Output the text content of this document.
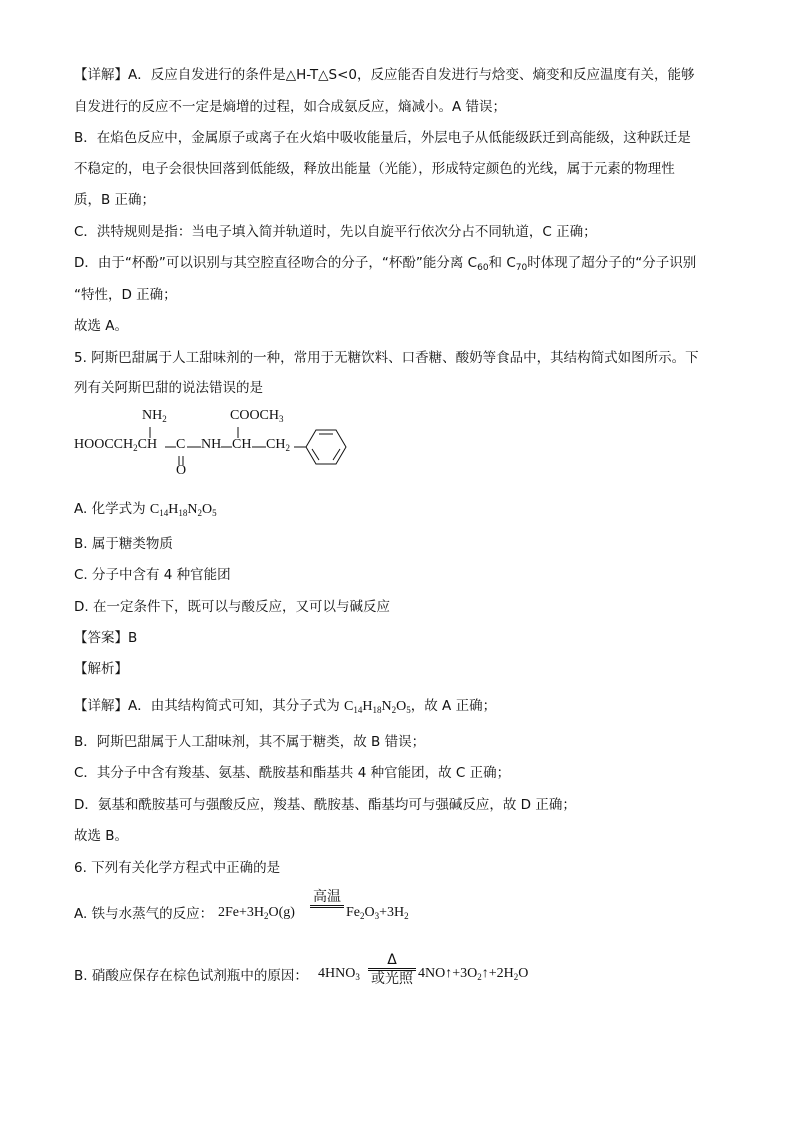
【详解】A．反应自发进行的条件是△H-T△S<0，反应能否自发进行与焓变、熵变和反应温度有关，能够
自发进行的反应不一定是熵增的过程，如合成氨反应，熵减小。A 错误；
B．在焰色反应中，金属原子或离子在火焰中吸收能量后，外层电子从低能级跃迁到高能级，这种跃迁是
不稳定的，电子会很快回落到低能级，释放出能量（光能），形成特定颜色的光线，属于元素的物理性
质，B 正确；
C．洪特规则是指：当电子填入简并轨道时，先以自旋平行依次分占不同轨道，C 正确；
D．由于“杯酚”可以识别与其空腔直径吻合的分子，“杯酚”能分离 $C_{60}$和 $C_{70}$时体现了超分子的“分子识别
“特性，D 正确；
故选 A。
5. 阿斯巴甜属于人工甜味剂的一种，常用于无糖饮料、口香糖、酸奶等食品中，其结构简式如图所示。下
列有关阿斯巴甜的说法错误的是
$NH_2$	$COOCH_3$
$HOOCCH_2CH$ C NH CH $CH_2$
O
A. 化学式为 $C_{14}H_{18}N_2O_5$
B. 属于糖类物质
C. 分子中含有 4 种官能团
D. 在一定条件下，既可以与酸反应，又可以与碱反应
【答案】B
【解析】
【详解】A．由其结构简式可知，其分子式为 $C_{14}H_{18}N_2O_5$，故 A 正确；
B．阿斯巴甜属于人工甜味剂，其不属于糖类，故 B 错误；
C．其分子中含有羧基、氨基、酰胺基和酯基共 4 种官能团，故 C 正确；
D．氨基和酰胺基可与强酸反应，羧基、酰胺基、酯基均可与强碱反应，故 D 正确；
故选 B。
6. 下列有关化学方程式中正确的是
A. 铁与水蒸气的反应： $2Fe+3H_2O(g)$
高温
$Fe_2O_3+3H_2$
B. 硝酸应保存在棕色试剂瓶中的原因： $4HNO_3$
Δ
或光照 $4NO↑+3O_2↑+2H_2O$
